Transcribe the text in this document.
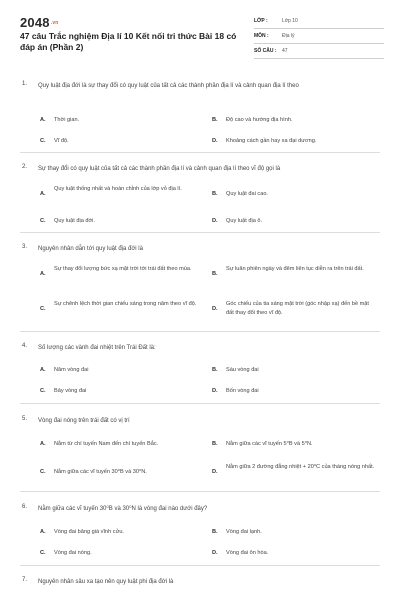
$2048^{.vn}$
47 câu Trắc nghiệm Địa lí 10 Kết nối tri thức Bài 18 có đáp án (Phần 2)
LỚP :	Lớp 10
MÔN :	Địa lý
SỐ CÂU : 47
1. Quy luật địa đới là sự thay đổi có quy luật của tất cả các thành phần địa lí và cảnh quan địa lí theo
A. Thời gian.	B. Độ cao và hướng địa hình.
C. Vĩ độ.	D. Khoảng cách gần hay xa đại dương.
2. Sự thay đổi có quy luật của tất cả các thành phần địa lí và cảnh quan địa lí theo vĩ độ gọi là
A.
Quy luật thống nhất và hoàn chỉnh của lớp vỏ địa lí.
B. Quy luật đai cao.
C. Quy luật địa đới.	D. Quy luật địa ô.
3. Nguyên nhân dẫn tới quy luật địa đới là
A.
Sự thay đổi lượng bức xạ mặt trời tới trái đất theo mùa.
B.
Sự luân phiên ngày và đêm liên tục diễn ra trên trái đất.
C.
Sự chênh lệch thời gian chiếu sáng trong năm theo vĩ độ.
D.
Góc chiếu của tia sáng mặt trời (góc nhập xạ) đến bề mặt đất thay đổi theo vĩ độ.
4. Số lượng các vành đai nhiệt trên Trái Đất là:
A. Năm vòng đai	B. Sáu vòng đai
C. Bảy vòng đai	D. Bốn vòng đai
5. Vòng đai nóng trên trái đất có vị trí
A. Nằm từ chí tuyến Nam đến chí tuyến Bắc.	B. Nằm giữa các vĩ tuyến 5⁰B và 5⁰N.
C. Nằm giữa các vĩ tuyến 30⁰B và 30⁰N.	D.
Nằm giữa 2 đường đẳng nhiệt + 20⁰C của tháng nóng nhất.
6. Nằm giữa các vĩ tuyến 30⁰B và 30⁰N là vòng đai nào dưới đây?
A. Vòng đai băng giá vĩnh cửu.	B. Vòng đai lạnh.
C. Vòng đai nóng.	D. Vòng đai ôn hòa.
7. Nguyên nhân sâu xa tạo nên quy luật phi địa đới là
